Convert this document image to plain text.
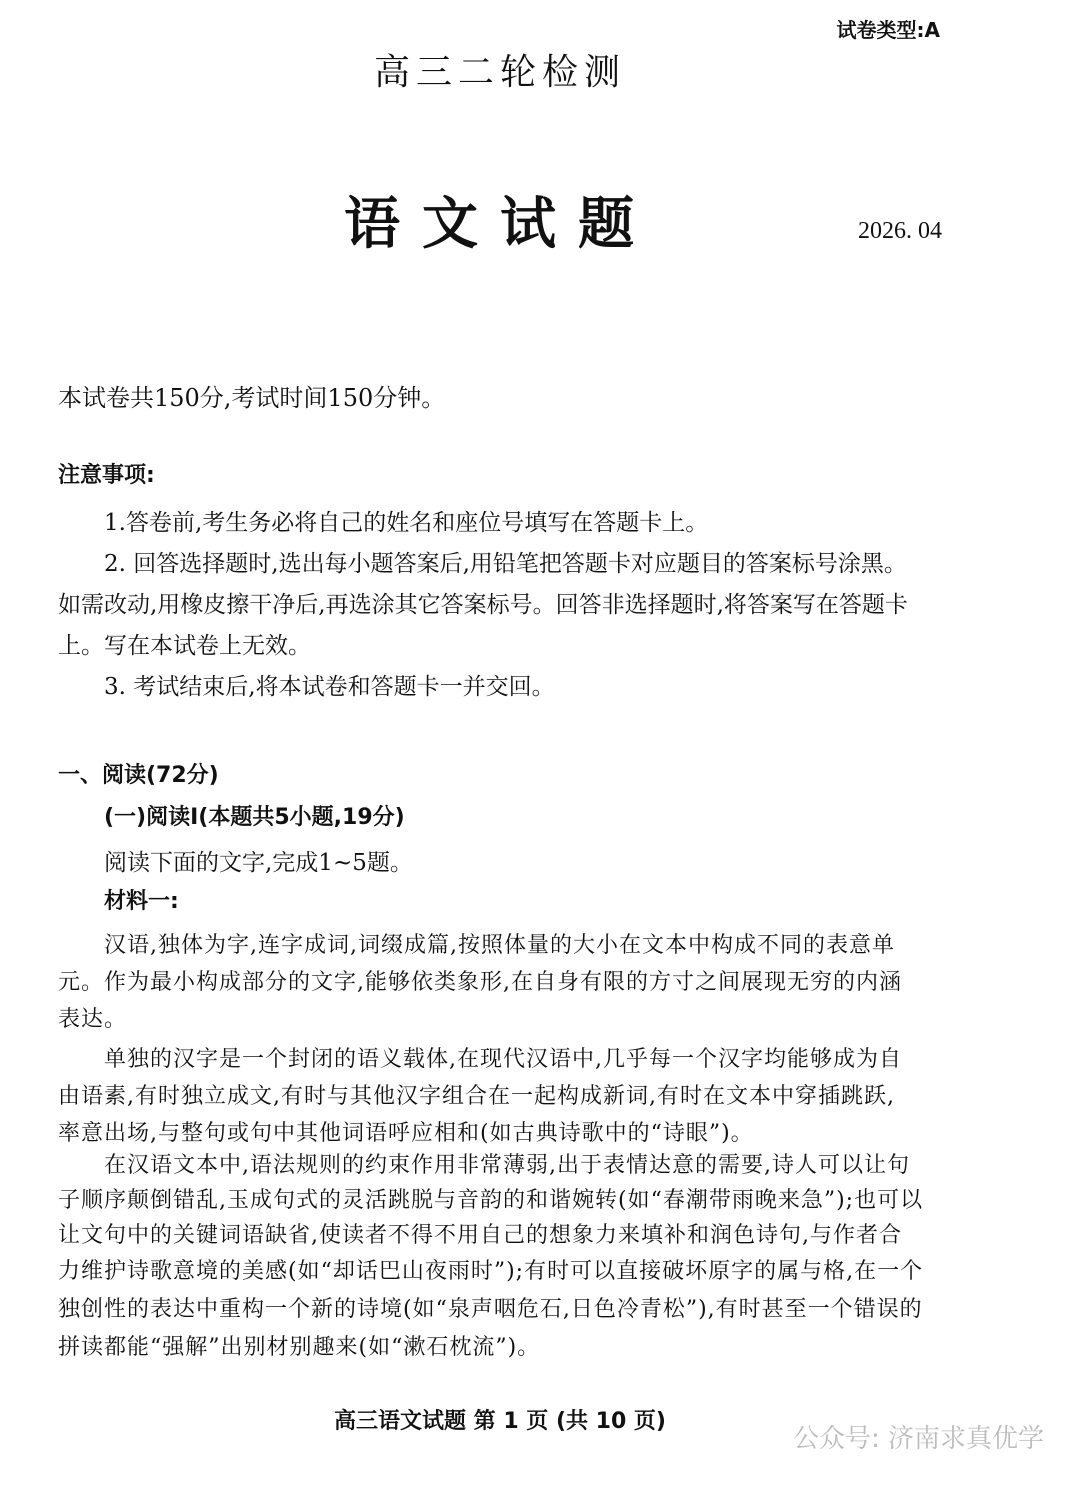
试卷类型:A
高三二轮检测
语文试题	2026. 04
本试卷共150分,考试时间150分钟。
注意事项:
1.答卷前,考生务必将自己的姓名和座位号填写在答题卡上。
2. 回答选择题时,选出每小题答案后,用铅笔把答题卡对应题目的答案标号涂黑。
如需改动,用橡皮擦干净后,再选涂其它答案标号。回答非选择题时,将答案写在答题卡
上。写在本试卷上无效。
3. 考试结束后,将本试卷和答题卡一并交回。
一、阅读(72分)
(一)阅读Ⅰ(本题共5小题,19分)
阅读下面的文字,完成1~5题。
材料一:
汉语,独体为字,连字成词,词缀成篇,按照体量的大小在文本中构成不同的表意单
元。作为最小构成部分的文字,能够依类象形,在自身有限的方寸之间展现无穷的内涵
表达。
单独的汉字是一个封闭的语义载体,在现代汉语中,几乎每一个汉字均能够成为自
由语素,有时独立成文,有时与其他汉字组合在一起构成新词,有时在文本中穿插跳跃,
率意出场,与整句或句中其他词语呼应相和(如古典诗歌中的“诗眼”)。
在汉语文本中,语法规则的约束作用非常薄弱,出于表情达意的需要,诗人可以让句
子顺序颠倒错乱,玉成句式的灵活跳脱与音韵的和谐婉转(如“春潮带雨晚来急”);也可以
让文句中的关键词语缺省,使读者不得不用自己的想象力来填补和润色诗句,与作者合
力维护诗歌意境的美感(如“却话巴山夜雨时”);有时可以直接破坏原字的属与格,在一个
独创性的表达中重构一个新的诗境(如“泉声咽危石,日色冷青松”),有时甚至一个错误的
拼读都能“强解”出别材别趣来(如“漱石枕流”)。
高三语文试题 第 1 页 (共 10 页)
公众号: 济南求真优学
